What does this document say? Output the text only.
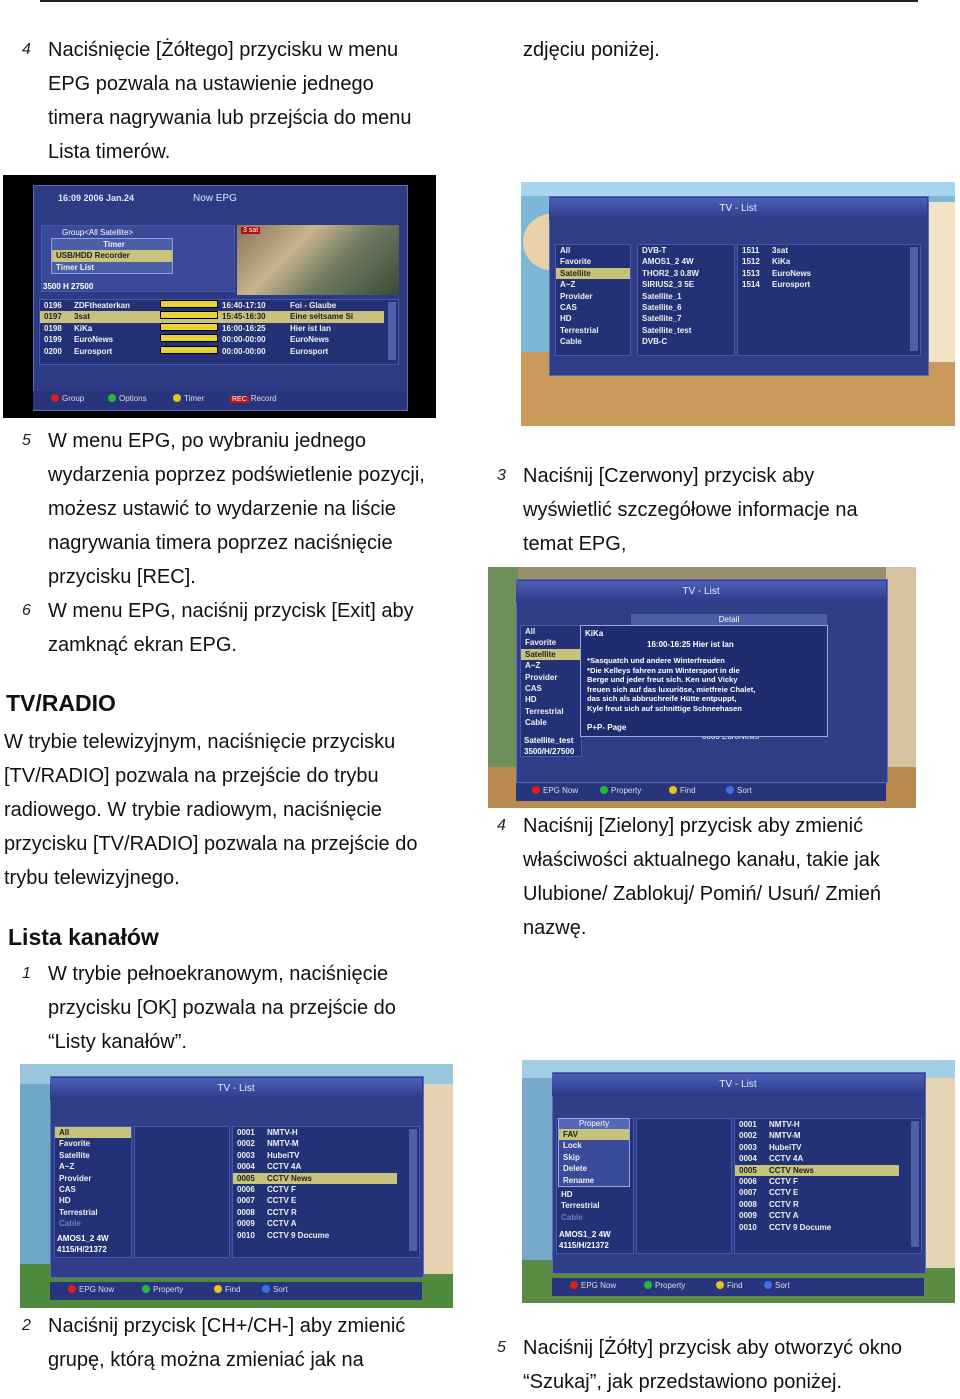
4 Naciśnięcie [Żółtego] przycisku w menu
EPG pozwala na ustawienie jednego
timera nagrywania lub przejścia do menu
Lista timerów.
zdjęciu poniżej.
16:09 2006 Jan.24	Now EPG
Group<All Satellite>
Timer
USB/HDD Recorder
Timer List
3500 H 27500
3 sat
0196 ZDFtheaterkan	16:40-17:10	Foi - Glaube
0197 3sat	15:45-16:30	Eine seltsame Si
0198 KiKa	16:00-16:25	Hier ist Ian
0199 EuroNews	00:00-00:00	EuroNews
0200 Eurosport	00:00-00:00	Eurosport
Group	Options	Timer	REC Record
TV - List
All
Favorite
Satellite
A~Z
Provider
CAS
HD
Terrestrial
Cable
DVB-T
AMOS1_2 4W
THOR2_3 0.8W
SIRIUS2_3 5E
Satellite_1
Satellite_6
Satellite_7
Satellite_test
DVB-C
1511 3sat
1512 KiKa
1513 EuroNews
1514 Eurosport
5 W menu EPG, po wybraniu jednego
wydarzenia poprzez podświetlenie pozycji,
możesz ustawić to wydarzenie na liście
nagrywania timera poprzez naciśnięcie
przycisku [REC].
6 W menu EPG, naciśnij przycisk [Exit] aby
zamknąć ekran EPG.
3 Naciśnij [Czerwony] przycisk aby
wyświetlić szczegółowe informacje na
temat EPG,
TV - List
All
Favorite
Satellite
A~Z
Provider
CAS
HD
Terrestrial
Cable
Satellite_test
3500/H/27500
Detail
KiKa
16:00-16:25 Hier ist Ian
*Sasquatch und andere Winterfreuden
*Die Kelleys fahren zum Wintersport in die
Berge und jeder freut sich. Ken und Vicky
freuen sich auf das luxuriöse, mietfreie Chalet,
das sich als abbruchreife Hütte entpuppt,
Kyle freut sich auf schnittige Schneehasen
P+P- Page
EPG Now	Property	Find	Sort
TV/RADIO
W trybie telewizyjnym, naciśnięcie przycisku
[TV/RADIO] pozwala na przejście do trybu
radiowego. W trybie radiowym, naciśnięcie
przycisku [TV/RADIO] pozwala na przejście do
trybu telewizyjnego.
4 Naciśnij [Zielony] przycisk aby zmienić
właściwości aktualnego kanału, takie jak
Ulubione/ Zablokuj/ Pomiń/ Usuń/ Zmień
nazwę.
Lista kanałów
1 W trybie pełnoekranowym, naciśnięcie
przycisku [OK] pozwala na przejście do
“Listy kanałów”.
TV - List
All
Favorite
Satellite
A~Z
Provider
CAS
HD
Terrestrial
Cable
AMOS1_2 4W
4115/H/21372
0001 NMTV-H
0002 NMTV-M
0003 HubeiTV
0004 CCTV 4A
0005 CCTV News
0006 CCTV F
0007 CCTV E
0008 CCTV R
0009 CCTV A
0010 CCTV 9 Docume
EPG Now	Property	Find	Sort
TV - List
HD
Terrestrial
Cable
AMOS1_2 4W
4115/H/21372
Property
FAV
Lock
Skip
Delete
Rename
0001 NMTV-H
0002 NMTV-M
0003 HubeiTV
0004 CCTV 4A
0005 CCTV News
0006 CCTV F
0007 CCTV E
0008 CCTV R
0009 CCTV A
0010 CCTV 9 Docume
EPG Now	Property	Find	Sort
2 Naciśnij przycisk [CH+/CH-] aby zmienić
grupę, którą można zmieniać jak na
5 Naciśnij [Żółty] przycisk aby otworzyć okno
“Szukaj”, jak przedstawiono poniżej.
